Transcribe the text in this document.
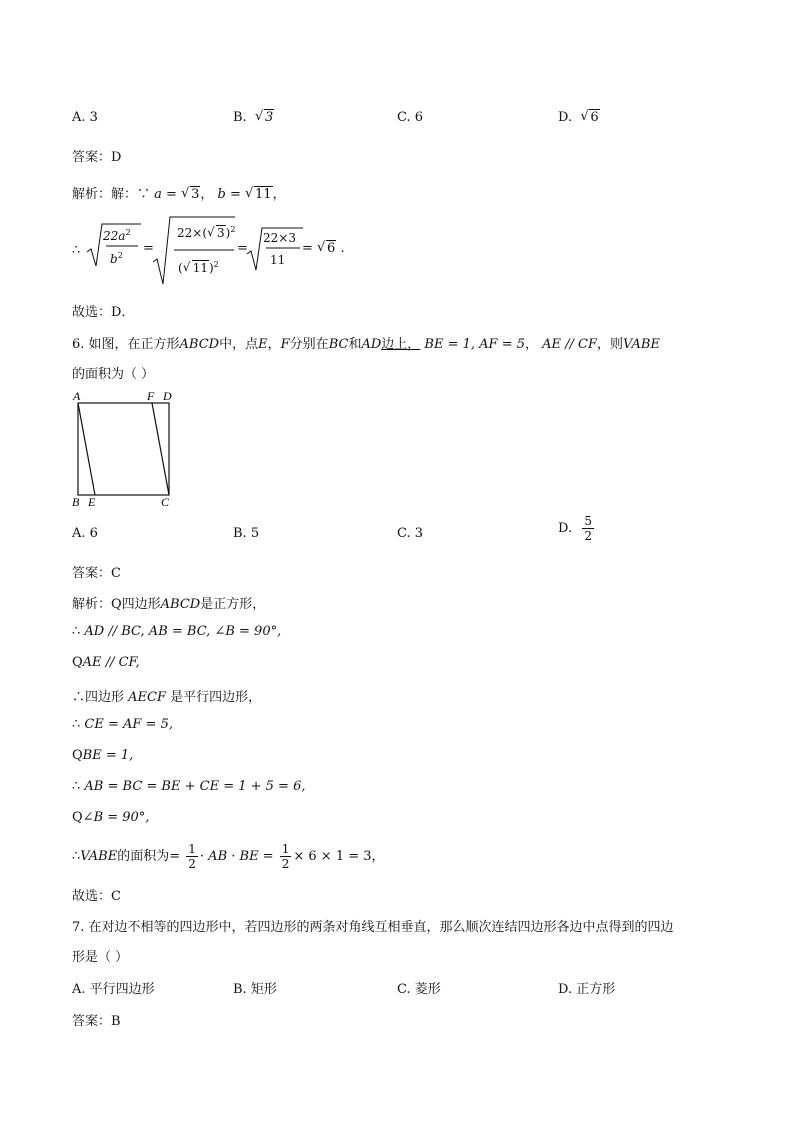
A. 3	B. √ 3	C. 6	D. √ 6
答案：D
解析：解：∵ a = √ 3， b = √ 11，
∴
$22a^2$
$b^2$ =
22×( √ 3)$^2$
( √ 11)$^2$
=
22×3
11
= √ 6 .
故选：D．
6. 如图，在正方形ABCD中，点E，F分别在BC和AD边上， BE = 1, AF = 5， AE // CF，则VABE
的面积为（ ）
A	F D
B E	C
A. 6	B. 5	C. 3	D. $\frac{5}{2}$
答案：C
解析：Q四边形ABCD是正方形，
∴ AD // BC, AB = BC, ∠B = 90°,
QAE // CF,
∴四边形 AECF 是平行四边形，
∴ CE = AF = 5,
QBE = 1,
∴ AB = BC = BE + CE = 1 + 5 = 6,
Q∠B = 90°,
∴VABE的面积为= $\frac{1}{2}$ · AB · BE = $\frac{1}{2} \times 6 \times 1 = 3$，
故选：C
7. 在对边不相等的四边形中，若四边形的两条对角线互相垂直，那么顺次连结四边形各边中点得到的四边
形是（ ）
A. 平行四边形	B. 矩形	C. 菱形	D. 正方形
答案：B
